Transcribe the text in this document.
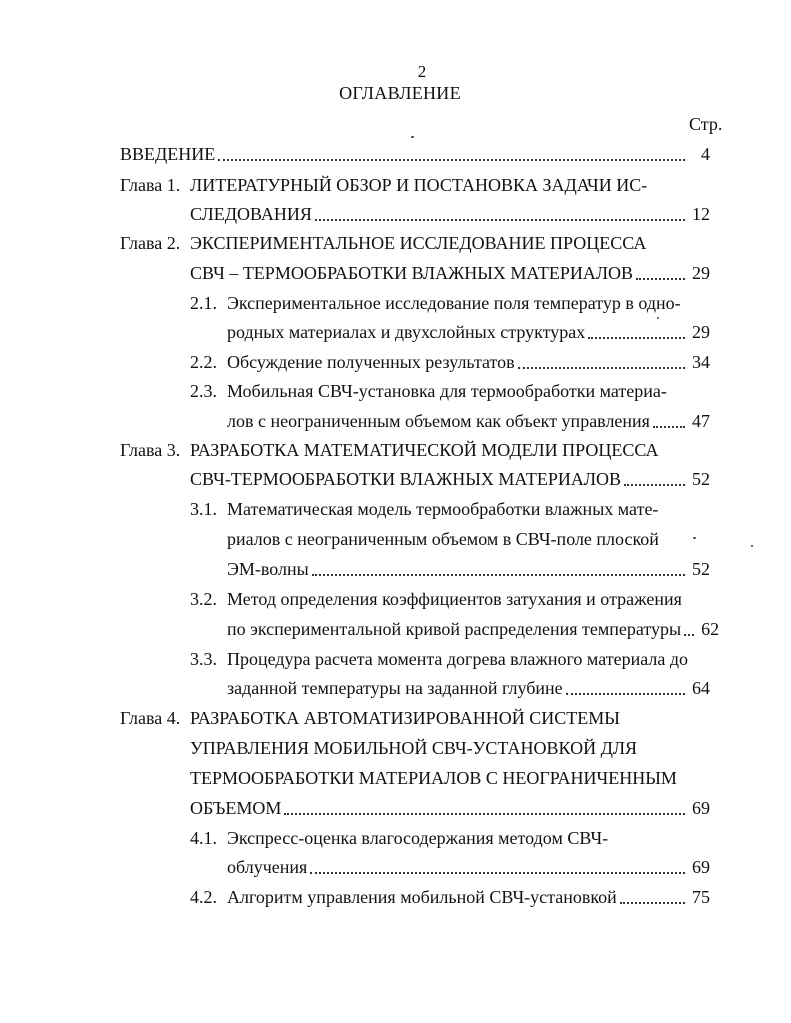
2
ОГЛАВЛЕНИЕ
Стр.
ВВЕДЕНИЕ	4
Глава 1. ЛИТЕРАТУРНЫЙ ОБЗОР И ПОСТАНОВКА ЗАДАЧИ ИС-
СЛЕДОВАНИЯ	12
Глава 2. ЭКСПЕРИМЕНТАЛЬНОЕ ИССЛЕДОВАНИЕ ПРОЦЕССА
СВЧ – ТЕРМООБРАБОТКИ ВЛАЖНЫХ МАТЕРИАЛОВ	29
2.1. Экспериментальное исследование поля температур в одно-
родных материалах и двухслойных структурах	29
2.2. Обсуждение полученных результатов	34
2.3. Мобильная СВЧ-установка для термообработки материа-
лов с неограниченным объемом как объект управления 47
Глава 3. РАЗРАБОТКА МАТЕМАТИЧЕСКОЙ МОДЕЛИ ПРОЦЕССА
СВЧ-ТЕРМООБРАБОТКИ ВЛАЖНЫХ МАТЕРИАЛОВ	52
3.1. Математическая модель термообработки влажных мате-
риалов с неограниченным объемом в СВЧ-поле плоской
ЭМ-волны	52
3.2. Метод определения коэффициентов затухания и отражения
по экспериментальной кривой распределения температуры 62
3.3. Процедура расчета момента догрева влажного материала до
заданной температуры на заданной глубине	64
Глава 4. РАЗРАБОТКА АВТОМАТИЗИРОВАННОЙ СИСТЕМЫ
УПРАВЛЕНИЯ МОБИЛЬНОЙ СВЧ-УСТАНОВКОЙ ДЛЯ
ТЕРМООБРАБОТКИ МАТЕРИАЛОВ С НЕОГРАНИЧЕННЫМ
ОБЪЕМОМ	69
4.1. Экспресс-оценка влагосодержания методом СВЧ-
облучения	69
4.2. Алгоритм управления мобильной СВЧ-установкой	75
